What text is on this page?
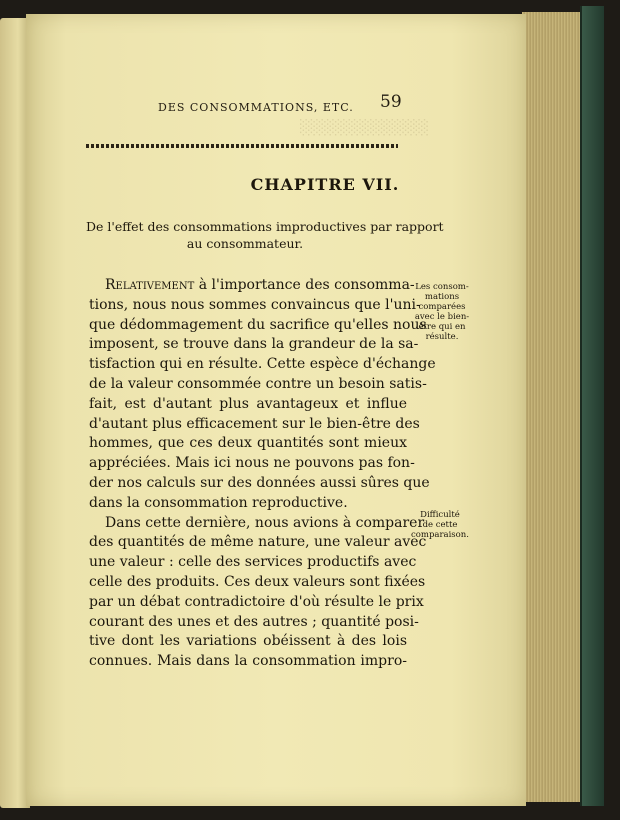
░░░░░░░░░░░░
DES CONSOMMATIONS, ETC. 59
CHAPITRE VII.
De l'effet des consommations improductives par rapport
au consommateur.
Relativement à l'importance des consomma-
tions, nous nous sommes convaincus que l'uni-
que dédommagement du sacrifice qu'elles nous
imposent, se trouve dans la grandeur de la sa-
tisfaction qui en résulte. Cette espèce d'échange
de la valeur consommée contre un besoin satis-
fait, est d'autant plus avantageux et influe
d'autant plus efficacement sur le bien-être des
hommes, que ces deux quantités sont mieux
appréciées. Mais ici nous ne pouvons pas fon-
der nos calculs sur des données aussi sûres que
dans la consommation reproductive.
Dans cette dernière, nous avions à comparer
des quantités de même nature, une valeur avec
une valeur : celle des services productifs avec
celle des produits. Ces deux valeurs sont fixées
par un débat contradictoire d'où résulte le prix
courant des unes et des autres ; quantité posi-
tive dont les variations obéissent à des lois
connues. Mais dans la consommation impro-
Les consom-
mations
comparées
avec le bien-
être qui en
résulte.
Difficulté
de cette
comparaison.
